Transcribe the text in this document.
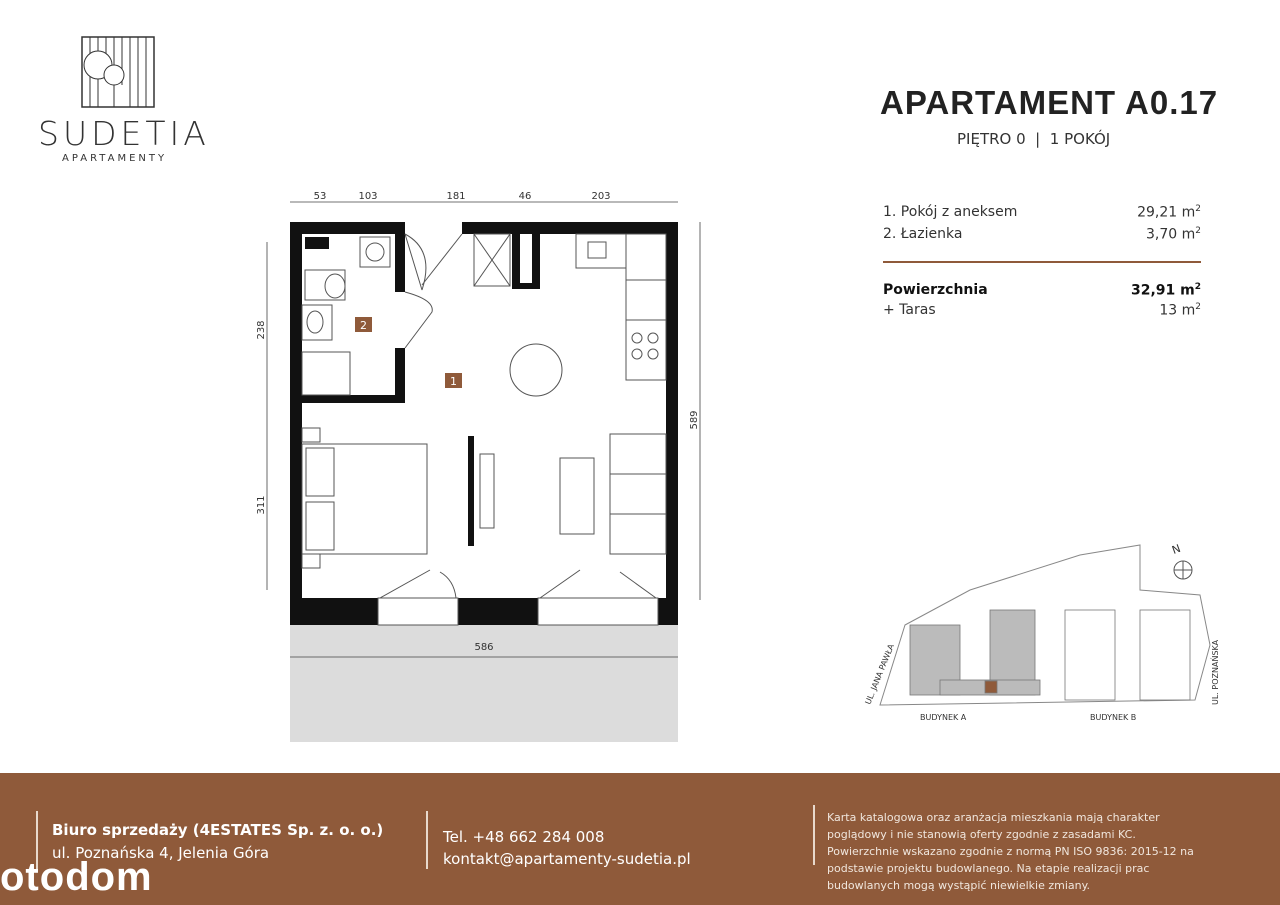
SUDETIA
APARTAMENTY
APARTAMENT A0.17
PIĘTRO 0  |  1 POKÓJ
1. Pokój z aneksem	29,21 $m^2$
2. Łazienka	3,70 $m^2$
Powierzchnia	32,91 $m^2$
+ Taras	13 $m^2$
2
1
53	103	181	46	203
238
311
589
586
N
UL. JANA PAWŁA	UL. POZNAŃSKA
BUDYNEK A	BUDYNEK B
Biuro sprzedaży (4ESTATES Sp. z. o. o.)
ul. Poznańska 4, Jelenia Góra
Tel. +48 662 284 008
kontakt@apartamenty-sudetia.pl
Karta katalogowa oraz aranżacja mieszkania mają charakter poglądowy i nie stanowią oferty zgodnie z zasadami KC. Powierzchnie wskazano zgodnie z normą PN ISO 9836: 2015-12 na podstawie projektu budowlanego. Na etapie realizacji prac budowlanych mogą wystąpić niewielkie zmiany.
otodom
